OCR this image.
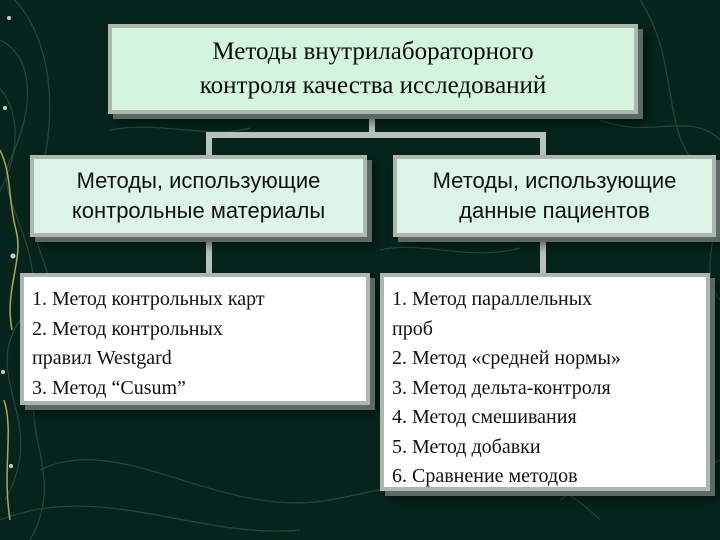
Методы внутрилабораторного
контроля качества исследований
Методы, использующие
контрольные материалы
Методы, использующие
данные пациентов
1. Метод контрольных карт
2. Метод контрольных
правил Westgard
3. Метод “Cusum”
1. Метод параллельных
проб
2. Метод «средней нормы»
3. Метод дельта-контроля
4. Метод смешивания
5. Метод добавки
6. Сравнение методов
